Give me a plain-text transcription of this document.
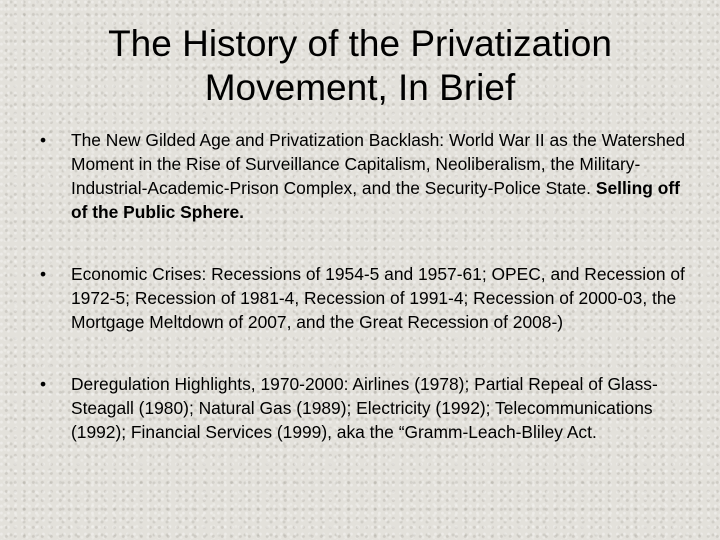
The History of the Privatization
Movement, In Brief
• The New Gilded Age and Privatization Backlash: World War II as the Watershed Moment in the Rise of Surveillance Capitalism, Neoliberalism, the Military-Industrial-Academic-Prison Complex, and the Security-Police State. Selling off of the Public Sphere.
• Economic Crises: Recessions of 1954-5 and 1957-61; OPEC, and Recession of 1972-5; Recession of 1981-4, Recession of 1991-4; Recession of 2000-03, the Mortgage Meltdown of 2007, and the Great Recession of 2008-)
• Deregulation Highlights, 1970-2000: Airlines (1978); Partial Repeal of Glass-Steagall (1980); Natural Gas (1989); Electricity (1992); Telecommunications (1992); Financial Services (1999), aka the “Gramm-Leach-Bliley Act.
